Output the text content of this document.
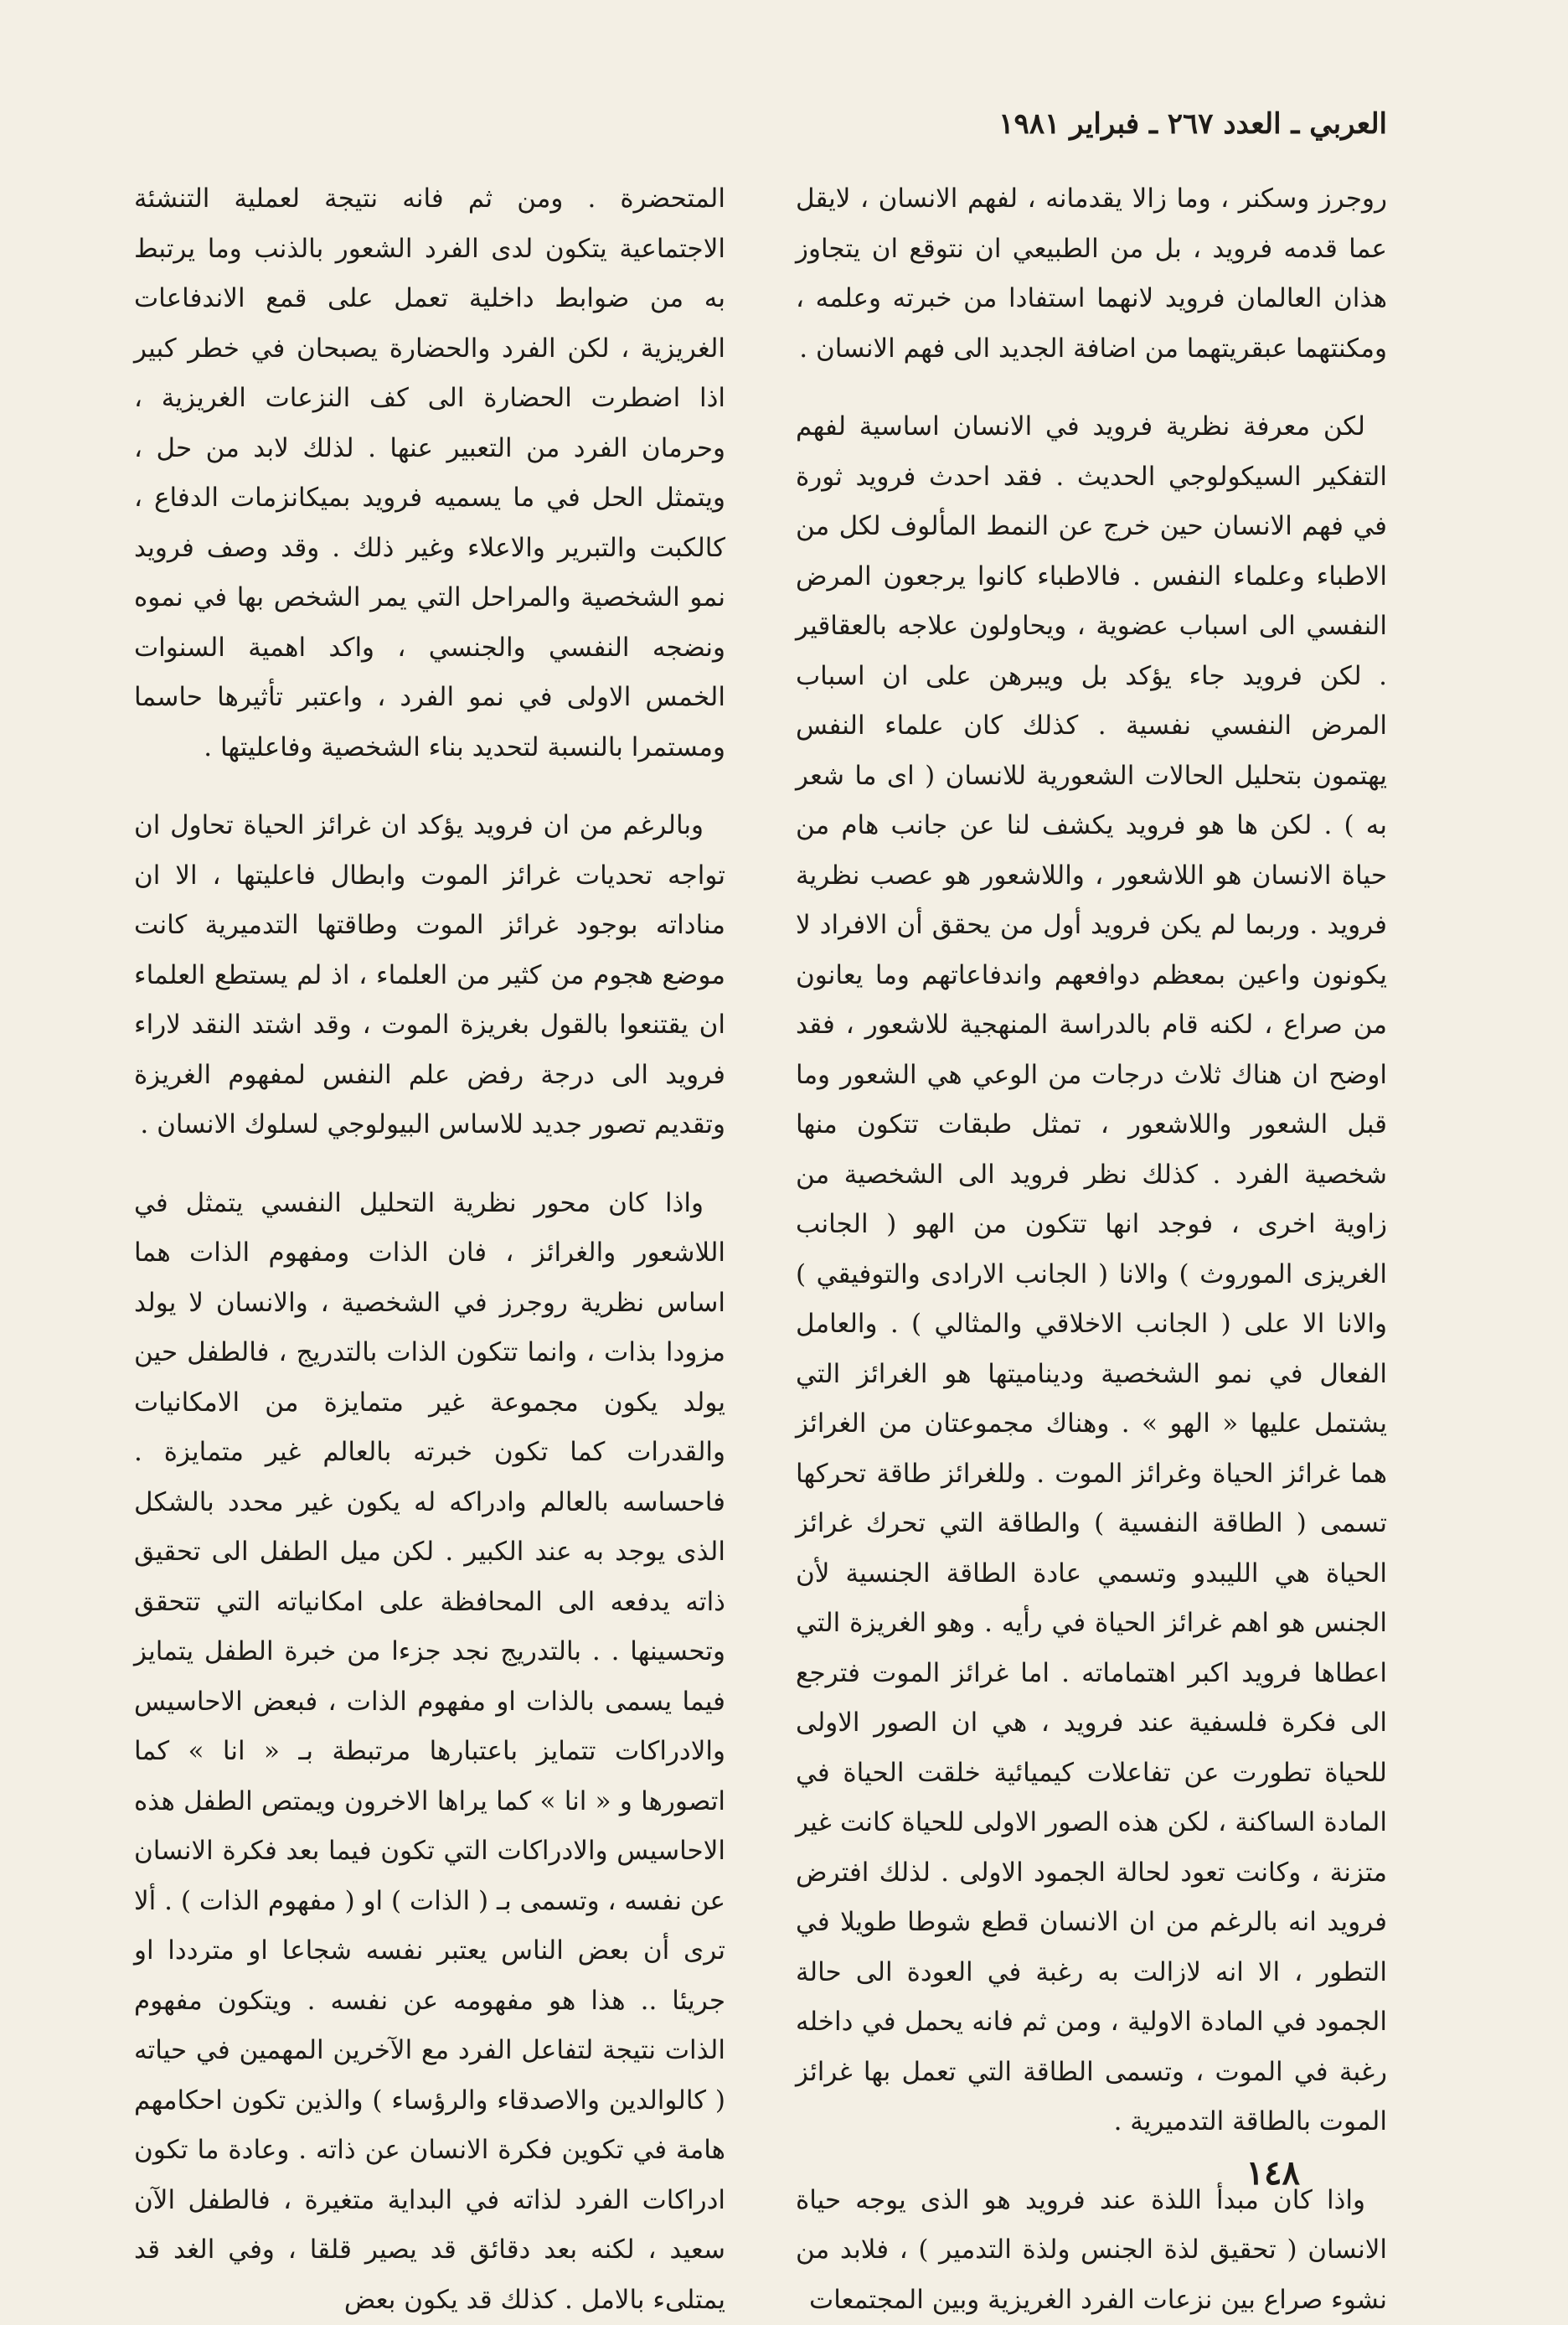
العربي ـ العدد ٢٦٧ ـ فبراير ١٩٨١

روجرز وسكنر ، وما زالا يقدمانه ، لفهم الانسان ، لايقل عما قدمه فرويد ، بل من الطبيعي ان نتوقع ان يتجاوز هذان العالمان فرويد لانهما استفادا من خبرته وعلمه ، ومكنتهما عبقريتهما من اضافة الجديد الى فهم الانسان .

لكن معرفة نظرية فرويد في الانسان اساسية لفهم التفكير السيكولوجي الحديث . فقد احدث فرويد ثورة في فهم الانسان حين خرج عن النمط المألوف لكل من الاطباء وعلماء النفس . فالاطباء كانوا يرجعون المرض النفسي الى اسباب عضوية ، ويحاولون علاجه بالعقاقير . لكن فرويد جاء يؤكد بل ويبرهن على ان اسباب المرض النفسي نفسية . كذلك كان علماء النفس يهتمون بتحليل الحالات الشعورية للانسان ( اى ما شعر به ) . لكن ها هو فرويد يكشف لنا عن جانب هام من حياة الانسان هو اللاشعور ، واللاشعور هو عصب نظرية فرويد . وربما لم يكن فرويد أول من يحقق أن الافراد لا يكونون واعين بمعظم دوافعهم واندفاعاتهم وما يعانون من صراع ، لكنه قام بالدراسة المنهجية للاشعور ، فقد اوضح ان هناك ثلاث درجات من الوعي هي الشعور وما قبل الشعور واللاشعور ، تمثل طبقات تتكون منها شخصية الفرد . كذلك نظر فرويد الى الشخصية من زاوية اخرى ، فوجد انها تتكون من الهو ( الجانب الغريزى الموروث ) والانا ( الجانب الارادى والتوفيقي ) والانا الا على ( الجانب الاخلاقي والمثالي ) . والعامل الفعال في نمو الشخصية وديناميتها هو الغرائز التي يشتمل عليها « الهو » . وهناك مجموعتان من الغرائز هما غرائز الحياة وغرائز الموت . وللغرائز طاقة تحركها تسمى ( الطاقة النفسية ) والطاقة التي تحرك غرائز الحياة هي الليبدو وتسمي عادة الطاقة الجنسية لأن الجنس هو اهم غرائز الحياة في رأيه . وهو الغريزة التي اعطاها فرويد اكبر اهتماماته . اما غرائز الموت فترجع الى فكرة فلسفية عند فرويد ، هي ان الصور الاولى للحياة تطورت عن تفاعلات كيميائية خلقت الحياة في المادة الساكنة ، لكن هذه الصور الاولى للحياة كانت غير متزنة ، وكانت تعود لحالة الجمود الاولى . لذلك افترض فرويد انه بالرغم من ان الانسان قطع شوطا طويلا في التطور ، الا انه لازالت به رغبة في العودة الى حالة الجمود في المادة الاولية ، ومن ثم فانه يحمل في داخله رغبة في الموت ، وتسمى الطاقة التي تعمل بها غرائز الموت بالطاقة التدميرية .

واذا كان مبدأ اللذة عند فرويد هو الذى يوجه حياة الانسان ( تحقيق لذة الجنس ولذة التدمير ) ، فلابد من نشوء صراع بين نزعات الفرد الغريزية وبين المجتمعات

المتحضرة . ومن ثم فانه نتيجة لعملية التنشئة الاجتماعية يتكون لدى الفرد الشعور بالذنب وما يرتبط به من ضوابط داخلية تعمل على قمع الاندفاعات الغريزية ، لكن الفرد والحضارة يصبحان في خطر كبير اذا اضطرت الحضارة الى كف النزعات الغريزية ، وحرمان الفرد من التعبير عنها . لذلك لابد من حل ، ويتمثل الحل في ما يسميه فرويد بميكانزمات الدفاع ، كالكبت والتبرير والاعلاء وغير ذلك . وقد وصف فرويد نمو الشخصية والمراحل التي يمر الشخص بها في نموه ونضجه النفسي والجنسي ، واكد اهمية السنوات الخمس الاولى في نمو الفرد ، واعتبر تأثيرها حاسما ومستمرا بالنسبة لتحديد بناء الشخصية وفاعليتها .

وبالرغم من ان فرويد يؤكد ان غرائز الحياة تحاول ان تواجه تحديات غرائز الموت وابطال فاعليتها ، الا ان مناداته بوجود غرائز الموت وطاقتها التدميرية كانت موضع هجوم من كثير من العلماء ، اذ لم يستطع العلماء ان يقتنعوا بالقول بغريزة الموت ، وقد اشتد النقد لاراء فرويد الى درجة رفض علم النفس لمفهوم الغريزة وتقديم تصور جديد للاساس البيولوجي لسلوك الانسان .

واذا كان محور نظرية التحليل النفسي يتمثل في اللاشعور والغرائز ، فان الذات ومفهوم الذات هما اساس نظرية روجرز في الشخصية ، والانسان لا يولد مزودا بذات ، وانما تتكون الذات بالتدريج ، فالطفل حين يولد يكون مجموعة غير متمايزة من الامكانيات والقدرات كما تكون خبرته بالعالم غير متمايزة . فاحساسه بالعالم وادراكه له يكون غير محدد بالشكل الذى يوجد به عند الكبير . لكن ميل الطفل الى تحقيق ذاته يدفعه الى المحافظة على امكانياته التي تتحقق وتحسينها . . بالتدريج نجد جزءا من خبرة الطفل يتمايز فيما يسمى بالذات او مفهوم الذات ، فبعض الاحاسيس والادراكات تتمايز باعتبارها مرتبطة بـ « انا » كما اتصورها و « انا » كما يراها الاخرون ويمتص الطفل هذه الاحاسيس والادراكات التي تكون فيما بعد فكرة الانسان عن نفسه ، وتسمى بـ ( الذات ) او ( مفهوم الذات ) . ألا ترى أن بعض الناس يعتبر نفسه شجاعا او مترددا او جريئا .. هذا هو مفهومه عن نفسه . ويتكون مفهوم الذات نتيجة لتفاعل الفرد مع الآخرين المهمين في حياته ( كالوالدين والاصدقاء والرؤساء ) والذين تكون احكامهم هامة في تكوين فكرة الانسان عن ذاته . وعادة ما تكون ادراكات الفرد لذاته في البداية متغيرة ، فالطفل الآن سعيد ، لكنه بعد دقائق قد يصير قلقا ، وفي الغد قد يمتلىء بالامل . كذلك قد يكون بعض

١٤٨
